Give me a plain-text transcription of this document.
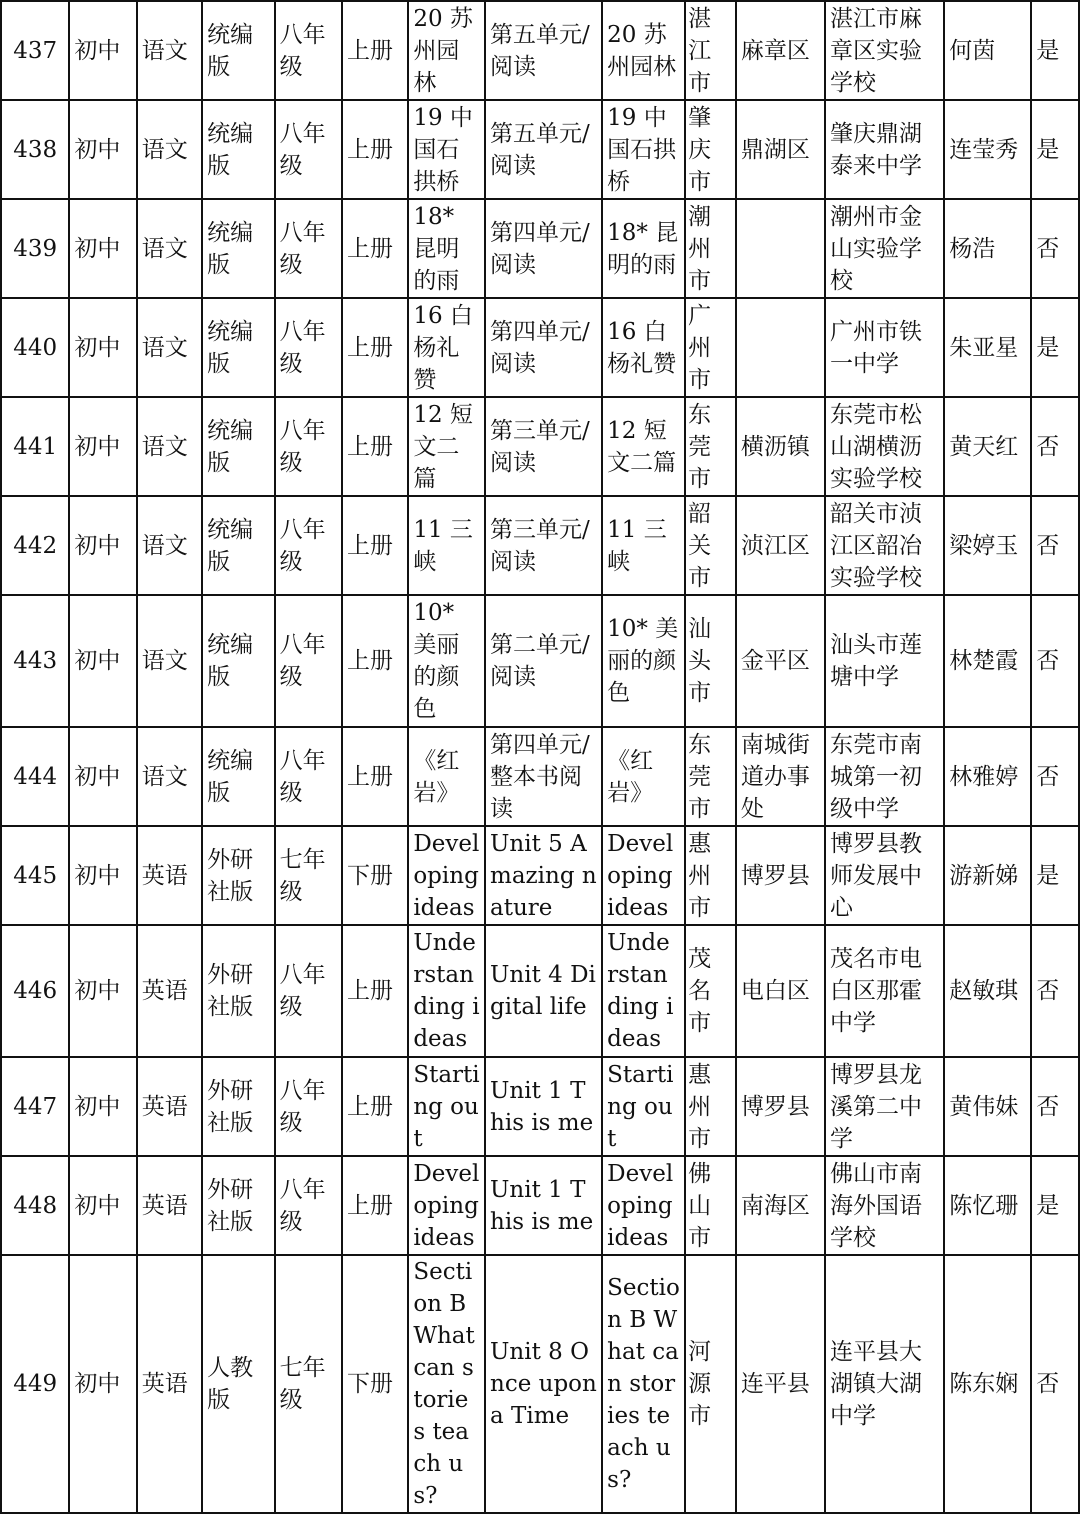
437	初中	语文	统编版	八年级	上册	20 苏州园林	第五单元/阅读	20 苏州园林	湛江市	麻章区	湛江市麻章区实验学校	何茵	是
438	初中	语文	统编版	八年级	上册	19 中国石拱桥	第五单元/阅读	19 中国石拱桥	肇庆市	鼎湖区	肇庆鼎湖泰来中学	连莹秀	是
439	初中	语文	统编版	八年级	上册	18* 昆明的雨	第四单元/阅读	18* 昆明的雨	潮州市		潮州市金山实验学校	杨浩	否
440	初中	语文	统编版	八年级	上册	16 白杨礼赞	第四单元/阅读	16 白杨礼赞	广州市		广州市铁一中学	朱亚星	是
441	初中	语文	统编版	八年级	上册	12 短文二篇	第三单元/阅读	12 短文二篇	东莞市	横沥镇	东莞市松山湖横沥实验学校	黄天红	否
442	初中	语文	统编版	八年级	上册	11 三峡	第三单元/阅读	11 三峡	韶关市	浈江区	韶关市浈江区韶冶实验学校	梁婷玉	否
443	初中	语文	统编版	八年级	上册	10* 美丽的颜色	第二单元/阅读	10* 美丽的颜色	汕头市	金平区	汕头市莲塘中学	林楚霞	否
444	初中	语文	统编版	八年级	上册	《红岩》	第四单元/整本书阅读	《红岩》	东莞市	南城街道办事处	东莞市南城第一初级中学	林雅婷	否
445	初中	英语	外研社版	七年级	下册	Developing ideas	Unit 5 Amazing nature	Developing ideas	惠州市	博罗县	博罗县教师发展中心	游新娣	是
446	初中	英语	外研社版	八年级	上册	Understanding ideas	Unit 4 Digital life	Understanding ideas	茂名市	电白区	茂名市电白区那霍中学	赵敏琪	否
447	初中	英语	外研社版	八年级	上册	Starting out	Unit 1 This is me	Starting out	惠州市	博罗县	博罗县龙溪第二中学	黄伟妹	否
448	初中	英语	外研社版	八年级	上册	Developing ideas	Unit 1 This is me	Developing ideas	佛山市	南海区	佛山市南海外国语学校	陈忆珊	是
449	初中	英语	人教版	七年级	下册	Section B What can stories teach us?	Unit 8 Once upon a Time	Section B What can stories teach us?	河源市	连平县	连平县大湖镇大湖中学	陈东娴	否
